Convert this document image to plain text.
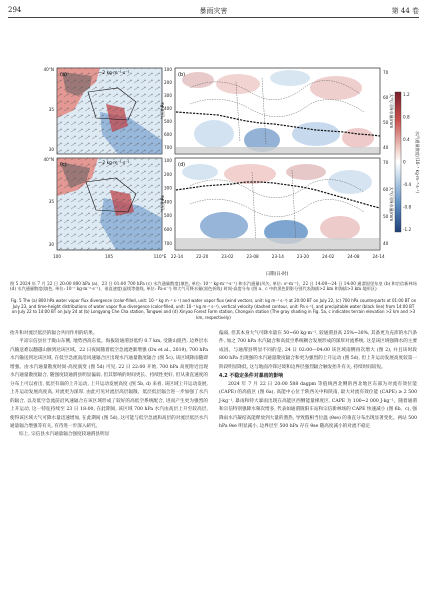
294	暴雨灾害	第 44 卷
1.2
0.8
0.4
0
-0.4
-0.8
-1.2
水汽通量散度/(10⁻⁷ kg·m⁻²·s⁻¹)
(a)	—2 kg·m⁻¹·s⁻¹	(b)
(c)	—2 kg·m⁻¹·s⁻¹	(d)
气压/hPa
气压/hPa
大气可降水量/mm
大气可降水量/mm
日期(日-时)
40°N
35
30
40°N
35
30
100	105	110°E
100
200
300
400
500
600
700
100
200
300
400
500
600
700
70
60
50
40
70
60
50
40
22-14	22-20	23-02	23-08	23-14	23-20	24-02	24-08	24-14
图 5 2024 年 7 月 22 日 20:00 800 hPa (a)、23 日 01:00 700 hPa (c) 水汽通量散度(填色, 单位: 10⁻⁷ kg·m⁻²·s⁻¹) 和水汽通量(风矢, 单位: s²·m⁻¹)，22 日 14:00—24 日 14:00 通渭国里东皇 (b) 和宗信新林场 (d) 水汽通量散度(填色, 单位: 10⁻⁷ kg·m⁻²·s⁻¹)、垂直速度(虚线等值线, 单位: Pa·s⁻¹) 和大气可降水量(黑色折线) 时间-高度分布 (图 a、c 中的黑色阴影分别代表海拔>2 km 和海拔>3 km 地形区)
Fig. 5 The (a) 800 hPa water vapor flux divergence (color-filled, unit: 10⁻⁷ kg m⁻² s⁻¹) and water vapor flux (wind vectors, unit: kg m⁻¹ s⁻¹) at 20:00 BT on July 22, (c) 700 hPa counterparts at 01:00 BT on July 23, and time-height distributions of water vapor flux divergence (color-filled, unit: 10⁻⁷ kg m⁻² s⁻¹), vertical velocity (dashed contour, unit: Pa s⁻¹), and precipitable water (black line) from 14:00 BT on July 22 to 14:00 BT on July 24 at (b) Longyang Che Cha station, Tongwei and (d) Xinyao Forest Farm station, Chongxin station (The gray shading in Fig. 5a, c indicates terrain elevation >2 km and >3 km, respectively)

抬升和对流层低层的辐合共同作用的结果。

平凉宗信县位于陇山东侧, 地势西高东低。海拔较通渭县低约 0.7 km, 受陇山阻挡, 边界层水汽输送难以翻越山脉到达该区域。22 日夜间随着低空急流逐渐增强 (Du et al., 2019), 700 hPa 水汽输送到达该区域, 在低空急流南沿风速辐合区出现水汽通量散度辐合 (图 5c), 该区域降雨随即增强。由水汽通量散度时间-高度演变 (图 5d) 可见, 22 日 22:00 开始, 700 hPa 高度附近出现水汽通量散度辐合, 随强度较通渭县明显偏弱, 但其影响的时间更长、持续性更好, 但从垂直速度的分布上可以看出, 低层有弱的上升运动, 上升运动发展高度 (图 5b, d) 来看, 该区域上升运动发展, 上升运动发展高度高, 对流更为深厚, 由此可见对流层高层辐散、低层低层辐合进一步加强了水汽的辐合, 以及低空急流前沿风速辐合在该区域形成了较好的高低空系统配合, 进而产生更为强烈的上升运动, 这一特征持续至 23 日 18:00, 在此期间, 该区域 700 hPa 水汽由高层上升至较高层, 使得该区域大气可降水量迅速增加, 在此期间 (图 5d), 这可能与低空急流和高层的对流层低层水汽通量辐合增强等有关, 有待进一步深入研究。

综上, 宗信县水汽通量辐合强度较通渭县明显

偏弱, 但其本身大气可降水量在 50~60 kg·m⁻², 较通渭县高 25%~30%, 其备更为充沛的水汽条件, 加之 700 hPa 水汽辐合和高低空系统耦合发展形成的深厚对流系统, 这是该区域强降水的主要成因。与通渭县明显不同的是, 24 日 02:00—04:00 该区域南侧再次增大 (图 2), 并且该时段 800 hPa 出现强的水汽通量散度辐合和更为强烈的上升运动 (图 5d), 但上升运动发展高度较第一阶段明显降低, 这与地面冷锋过境和边界层强烈辐合触发抬升有关, 持续时间较短。

4.2 不稳定条件对暴雨的影响

2024 年 7 月 22 日 20:00 588 dagpm 等值线西北侧的西北地区东部为对流有效位能 (CAPE) 的高值区 (图 6a), 高能中心位于陕西关中和陕南, 最大对流有效位能 (CAPE) ≥ 2 500 J·kg⁻¹, 暴雨和特大暴雨出现在高能区西侧能量梯度区, CAPE 为 100~2 000 J·kg⁻¹。随着通渭和宗信特别强降水频次增多, 代表如通渭陇阳车站和宗信新林场的 CAPE 快速减小 (图 6b、c), 强降雨水汽凝结高能释放到大量的潜热, 导致假相当位温 (θse) 的垂直分布出现显著变化。两站 500 hPa θse 明显减小, 边界层至 500 hPa 存在 θse 随高度减小的对流不稳定
